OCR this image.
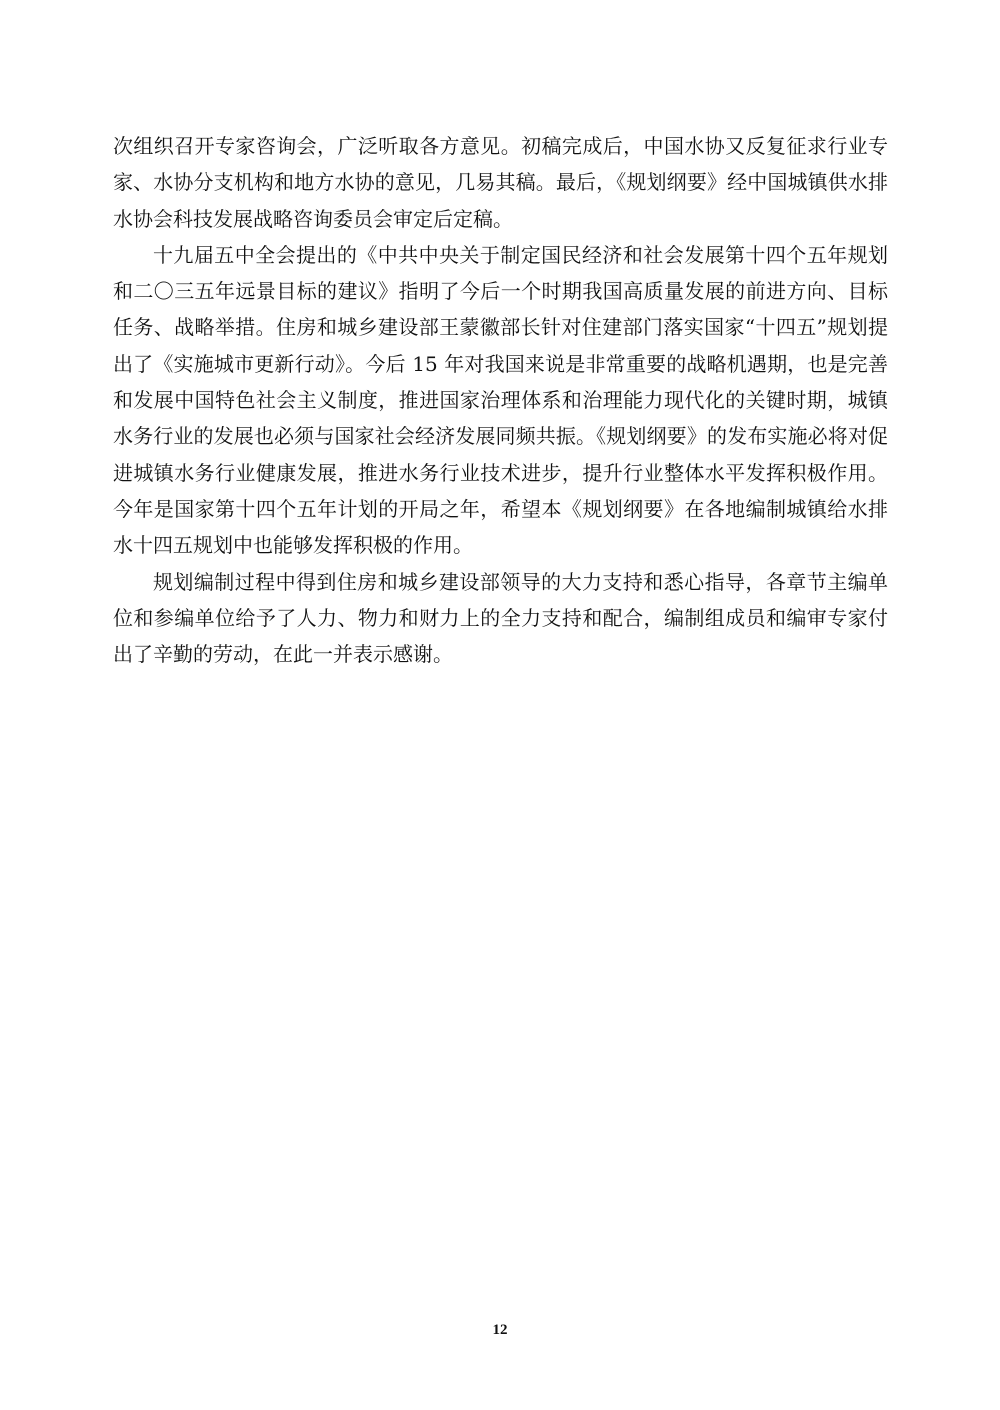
次组织召开专家咨询会，广泛听取各方意见。初稿完成后，中国水协又反复征求行业专家、水协分支机构和地方水协的意见，几易其稿。最后，《规划纲要》经中国城镇供水排水协会科技发展战略咨询委员会审定后定稿。

十九届五中全会提出的《中共中央关于制定国民经济和社会发展第十四个五年规划和二〇三五年远景目标的建议》指明了今后一个时期我国高质量发展的前进方向、目标任务、战略举措。住房和城乡建设部王蒙徽部长针对住建部门落实国家“十四五”规划提出了《实施城市更新行动》。今后 15 年对我国来说是非常重要的战略机遇期，也是完善和发展中国特色社会主义制度，推进国家治理体系和治理能力现代化的关键时期，城镇水务行业的发展也必须与国家社会经济发展同频共振。《规划纲要》的发布实施必将对促进城镇水务行业健康发展，推进水务行业技术进步，提升行业整体水平发挥积极作用。今年是国家第十四个五年计划的开局之年，希望本《规划纲要》在各地编制城镇给水排水十四五规划中也能够发挥积极的作用。

规划编制过程中得到住房和城乡建设部领导的大力支持和悉心指导，各章节主编单位和参编单位给予了人力、物力和财力上的全力支持和配合，编制组成员和编审专家付出了辛勤的劳动，在此一并表示感谢。

12
